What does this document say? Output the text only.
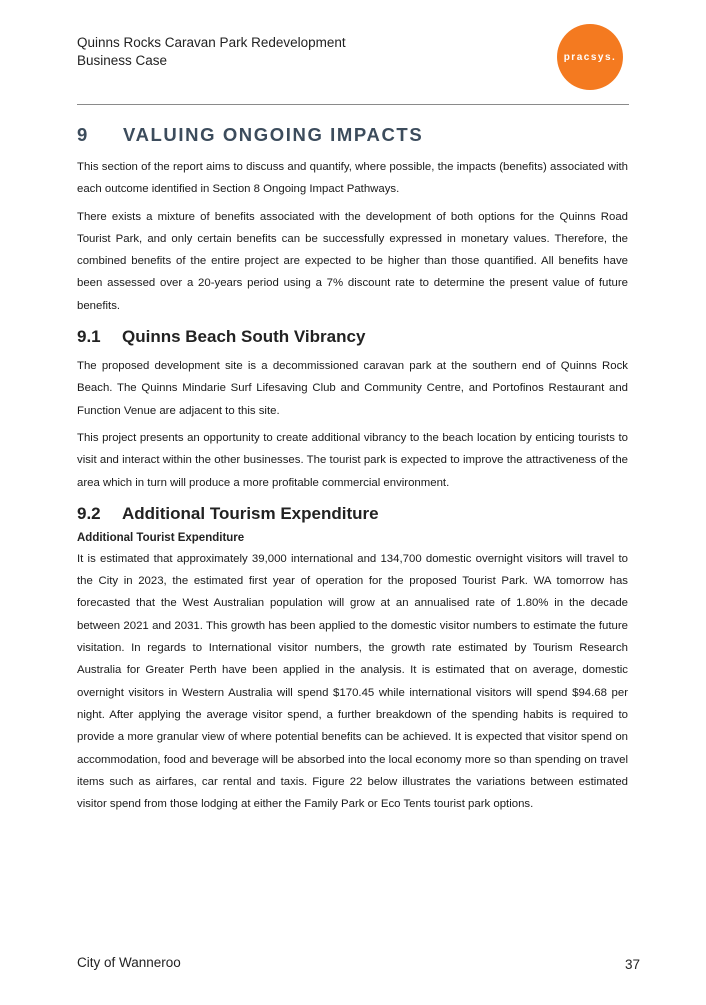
Quinns Rocks Caravan Park Redevelopment
Business Case	pracsys.
9	VALUING ONGOING IMPACTS

This section of the report aims to discuss and quantify, where possible, the impacts (benefits) associated with each outcome identified in Section 8 Ongoing Impact Pathways.

There exists a mixture of benefits associated with the development of both options for the Quinns Road Tourist Park, and only certain benefits can be successfully expressed in monetary values. Therefore, the combined benefits of the entire project are expected to be higher than those quantified. All benefits have been assessed over a 20-years period using a 7% discount rate to determine the present value of future benefits.

9.1	Quinns Beach South Vibrancy

The proposed development site is a decommissioned caravan park at the southern end of Quinns Rock Beach. The Quinns Mindarie Surf Lifesaving Club and Community Centre, and Portofinos Restaurant and Function Venue are adjacent to this site.

This project presents an opportunity to create additional vibrancy to the beach location by enticing tourists to visit and interact within the other businesses. The tourist park is expected to improve the attractiveness of the area which in turn will produce a more profitable commercial environment.

9.2	Additional Tourism Expenditure
Additional Tourist Expenditure

It is estimated that approximately 39,000 international and 134,700 domestic overnight visitors will travel to the City in 2023, the estimated first year of operation for the proposed Tourist Park. WA tomorrow has forecasted that the West Australian population will grow at an annualised rate of 1.80% in the decade between 2021 and 2031. This growth has been applied to the domestic visitor numbers to estimate the future visitation. In regards to International visitor numbers, the growth rate estimated by Tourism Research Australia for Greater Perth have been applied in the analysis. It is estimated that on average, domestic overnight visitors in Western Australia will spend $170.45 while international visitors will spend $94.68 per night. After applying the average visitor spend, a further breakdown of the spending habits is required to provide a more granular view of where potential benefits can be achieved. It is expected that visitor spend on accommodation, food and beverage will be absorbed into the local economy more so than spending on travel items such as airfares, car rental and taxis. Figure 22 below illustrates the variations between estimated visitor spend from those lodging at either the Family Park or Eco Tents tourist park options.

City of Wanneroo	37
